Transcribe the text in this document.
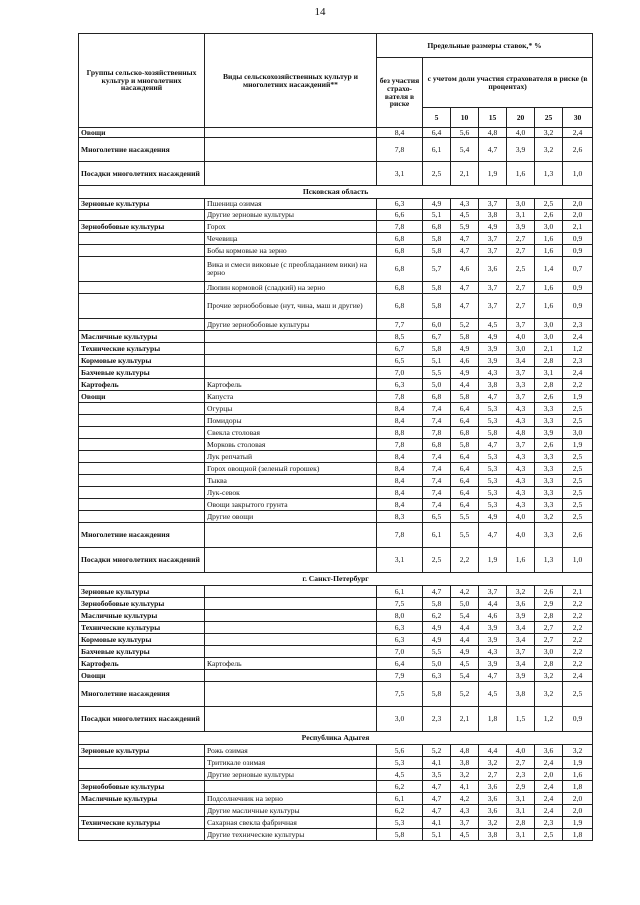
14
Группы сельско-хозяйственных культур и многолетних насаждений	Виды сельскохозяйственных культур и многолетних насаждений**	Предельные размеры ставок,* %						
		без участия страхо-вателя в риске	с учетом доли участия страхователя в риске (в процентах)					
			5	10	15	20	25	30
Овощи		8,4	6,4	5,6	4,8	4,0	3,2	2,4
Многолетние насаждения		7,8	6,1	5,4	4,7	3,9	3,2	2,6
Посадки многолетних насаждений		3,1	2,5	2,1	1,9	1,6	1,3	1,0
Псковская область								
Зерновые культуры	Пшеница озимая	6,3	4,9	4,3	3,7	3,0	2,5	2,0
	Другие зерновые культуры	6,6	5,1	4,5	3,8	3,1	2,6	2,0
Зернобобовые культуры	Горох	7,8	6,8	5,9	4,9	3,9	3,0	2,1
	Чечевица	6,8	5,8	4,7	3,7	2,7	1,6	0,9
	Бобы кормовые на зерно	6,8	5,8	4,7	3,7	2,7	1,6	0,9
	Вика и смеси виковые (с преобладанием вики) на зерно	6,8	5,7	4,6	3,6	2,5	1,4	0,7
	Люпин кормовой (сладкий) на зерно	6,8	5,8	4,7	3,7	2,7	1,6	0,9
	Прочие зернобобовые (нут, чина, маш и другие)	6,8	5,8	4,7	3,7	2,7	1,6	0,9
	Другие зернобобовые культуры	7,7	6,0	5,2	4,5	3,7	3,0	2,3
Масличные культуры		8,5	6,7	5,8	4,9	4,0	3,0	2,4
Технические культуры		6,7	5,8	4,9	3,9	3,0	2,1	1,2
Кормовые культуры		6,5	5,1	4,6	3,9	3,4	2,8	2,3
Бахчевые культуры		7,0	5,5	4,9	4,3	3,7	3,1	2,4
Картофель	Картофель	6,3	5,0	4,4	3,8	3,3	2,8	2,2
Овощи	Капуста	7,8	6,8	5,8	4,7	3,7	2,6	1,9
	Огурцы	8,4	7,4	6,4	5,3	4,3	3,3	2,5
	Помидоры	8,4	7,4	6,4	5,3	4,3	3,3	2,5
	Свекла столовая	8,8	7,8	6,8	5,8	4,8	3,9	3,0
	Морковь столовая	7,8	6,8	5,8	4,7	3,7	2,6	1,9
	Лук репчатый	8,4	7,4	6,4	5,3	4,3	3,3	2,5
	Горох овощной (зеленый горошек)	8,4	7,4	6,4	5,3	4,3	3,3	2,5
	Тыква	8,4	7,4	6,4	5,3	4,3	3,3	2,5
	Лук-севок	8,4	7,4	6,4	5,3	4,3	3,3	2,5
	Овощи закрытого грунта	8,4	7,4	6,4	5,3	4,3	3,3	2,5
	Другие овощи	8,3	6,5	5,5	4,9	4,0	3,2	2,5
Многолетние насаждения		7,8	6,1	5,5	4,7	4,0	3,3	2,6
Посадки многолетних насаждений		3,1	2,5	2,2	1,9	1,6	1,3	1,0
г. Санкт-Петербург								
Зерновые культуры		6,1	4,7	4,2	3,7	3,2	2,6	2,1
Зернобобовые культуры		7,5	5,8	5,0	4,4	3,6	2,9	2,2
Масличные культуры		8,0	6,2	5,4	4,6	3,9	2,8	2,2
Технические культуры		6,3	4,9	4,4	3,9	3,4	2,7	2,2
Кормовые культуры		6,3	4,9	4,4	3,9	3,4	2,7	2,2
Бахчевые культуры		7,0	5,5	4,9	4,3	3,7	3,0	2,2
Картофель	Картофель	6,4	5,0	4,5	3,9	3,4	2,8	2,2
Овощи		7,9	6,3	5,4	4,7	3,9	3,2	2,4
Многолетние насаждения		7,5	5,8	5,2	4,5	3,8	3,2	2,5
Посадки многолетних насаждений		3,0	2,3	2,1	1,8	1,5	1,2	0,9
Республика Адыгея								
Зерновые культуры	Рожь озимая	5,6	5,2	4,8	4,4	4,0	3,6	3,2
	Тритикале озимая	5,3	4,1	3,8	3,2	2,7	2,4	1,9
	Другие зерновые культуры	4,5	3,5	3,2	2,7	2,3	2,0	1,6
Зернобобовые культуры		6,2	4,7	4,1	3,6	2,9	2,4	1,8
Масличные культуры	Подсолнечник на зерно	6,1	4,7	4,2	3,6	3,1	2,4	2,0
	Другие масличные культуры	6,2	4,7	4,3	3,6	3,1	2,4	2,0
Технические культуры	Сахарная свекла фабричная	5,3	4,1	3,7	3,2	2,8	2,3	1,9
	Другие технические культуры	5,8	5,1	4,5	3,8	3,1	2,5	1,8
